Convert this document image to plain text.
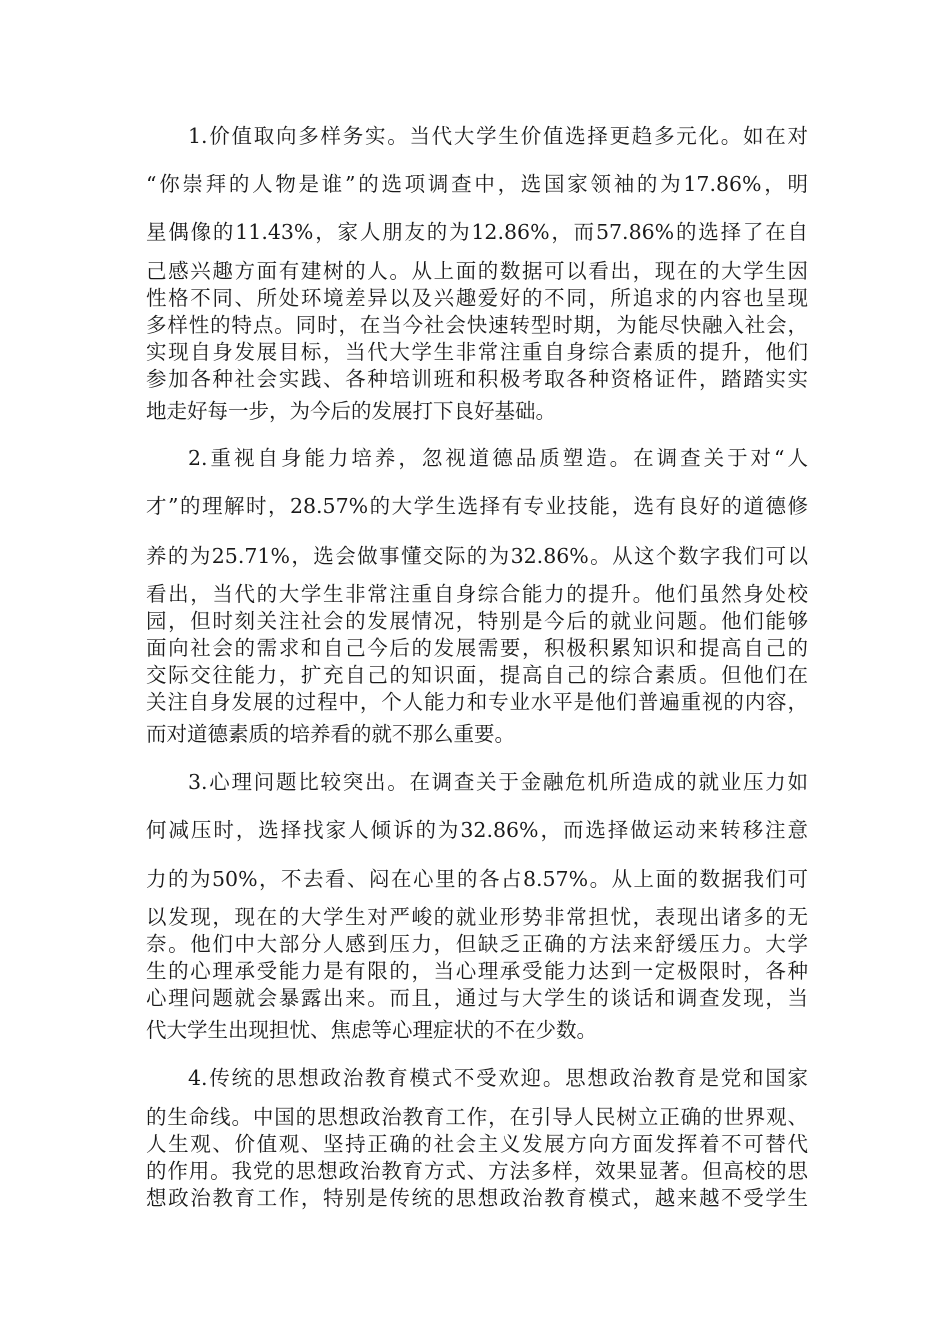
1.价值取向多样务实。当代大学生价值选择更趋多元化。如在对
“你崇拜的人物是谁”的选项调查中，选国家领袖的为17.86%，明
星偶像的11.43%，家人朋友的为12.86%，而57.86%的选择了在自
己感兴趣方面有建树的人。从上面的数据可以看出，现在的大学生因
性格不同、所处环境差异以及兴趣爱好的不同，所追求的内容也呈现
多样性的特点。同时，在当今社会快速转型时期，为能尽快融入社会，
实现自身发展目标，当代大学生非常注重自身综合素质的提升，他们
参加各种社会实践、各种培训班和积极考取各种资格证件，踏踏实实
地走好每一步，为今后的发展打下良好基础。
2.重视自身能力培养，忽视道德品质塑造。在调查关于对“人
才”的理解时，28.57%的大学生选择有专业技能，选有良好的道德修
养的为25.71%，选会做事懂交际的为32.86%。从这个数字我们可以
看出，当代的大学生非常注重自身综合能力的提升。他们虽然身处校
园，但时刻关注社会的发展情况，特别是今后的就业问题。他们能够
面向社会的需求和自己今后的发展需要，积极积累知识和提高自己的
交际交往能力，扩充自己的知识面，提高自己的综合素质。但他们在
关注自身发展的过程中，个人能力和专业水平是他们普遍重视的内容，
而对道德素质的培养看的就不那么重要。
3.心理问题比较突出。在调查关于金融危机所造成的就业压力如
何减压时，选择找家人倾诉的为32.86%，而选择做运动来转移注意
力的为50%，不去看、闷在心里的各占8.57%。从上面的数据我们可
以发现，现在的大学生对严峻的就业形势非常担忧，表现出诸多的无
奈。他们中大部分人感到压力，但缺乏正确的方法来舒缓压力。大学
生的心理承受能力是有限的，当心理承受能力达到一定极限时，各种
心理问题就会暴露出来。而且，通过与大学生的谈话和调查发现，当
代大学生出现担忧、焦虑等心理症状的不在少数。
4.传统的思想政治教育模式不受欢迎。思想政治教育是党和国家
的生命线。中国的思想政治教育工作，在引导人民树立正确的世界观、
人生观、价值观、坚持正确的社会主义发展方向方面发挥着不可替代
的作用。我党的思想政治教育方式、方法多样，效果显著。但高校的思
想政治教育工作，特别是传统的思想政治教育模式，越来越不受学生
